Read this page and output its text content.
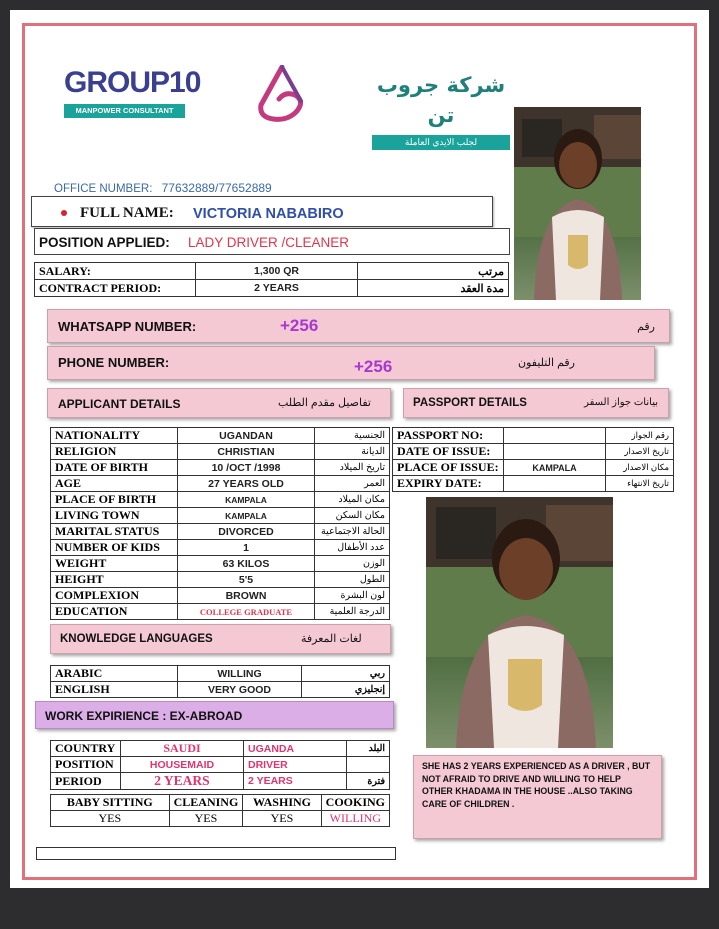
GROUP10
MANPOWER CONSULTANT
شركة جروب تن
لجلب الايدي العاملة
OFFICE NUMBER: 77632889/77652889
FULL NAME: VICTORIA NABABIRO
POSITION APPLIED: LADY DRIVER /CLEANER
SALARY:	1,300 QR	مرتب
CONTRACT PERIOD:	2 YEARS	مدة العقد
WHATSAPP NUMBER:	+256	رقم
PHONE NUMBER:	+256	رقم التليفون
APPLICANT DETAILS	تفاصيل مقدم الطلب	PASSPORT DETAILS	بيانات جواز السفر
NATIONALITY	UGANDAN	الجنسية
RELIGION	CHRISTIAN	الديانة
DATE OF BIRTH	10 /OCT /1998	تاريخ الميلاد
AGE	27 YEARS OLD	العمر
PLACE OF BIRTH	KAMPALA	مكان الميلاد
LIVING TOWN	KAMPALA	مكان السكن
MARITAL STATUS	DIVORCED	الحالة الاجتماعية
NUMBER OF KIDS	1	عدد الأطفال
WEIGHT	63 KILOS	الوزن
HEIGHT	5'5	الطول
COMPLEXION	BROWN	لون البشرة
EDUCATION	COLLEGE GRADUATE	الدرجة العلمية
PASSPORT NO:		رقم الجواز
DATE OF ISSUE:		تاريخ الاصدار
PLACE OF ISSUE:	KAMPALA	مكان الاصدار
EXPIRY DATE:		تاريخ الانتهاء
KNOWLEDGE LANGUAGES	لغات المعرفة
ARABIC	WILLING	ربي
ENGLISH	VERY GOOD	إنجليزي
WORK EXPIRIENCE : EX-ABROAD
COUNTRY	SAUDI	UGANDA	البلد
POSITION	HOUSEMAID	DRIVER	
PERIOD	2 YEARS	2 YEARS	فترة
BABY SITTING	CLEANING	WASHING	COOKING
YES	YES	YES	WILLING
SHE HAS 2 YEARS EXPERIENCED AS A DRIVER , BUT NOT AFRAID TO DRIVE AND WILLING TO HELP OTHER KHADAMA IN THE HOUSE ..ALSO TAKING CARE OF CHILDREN .
